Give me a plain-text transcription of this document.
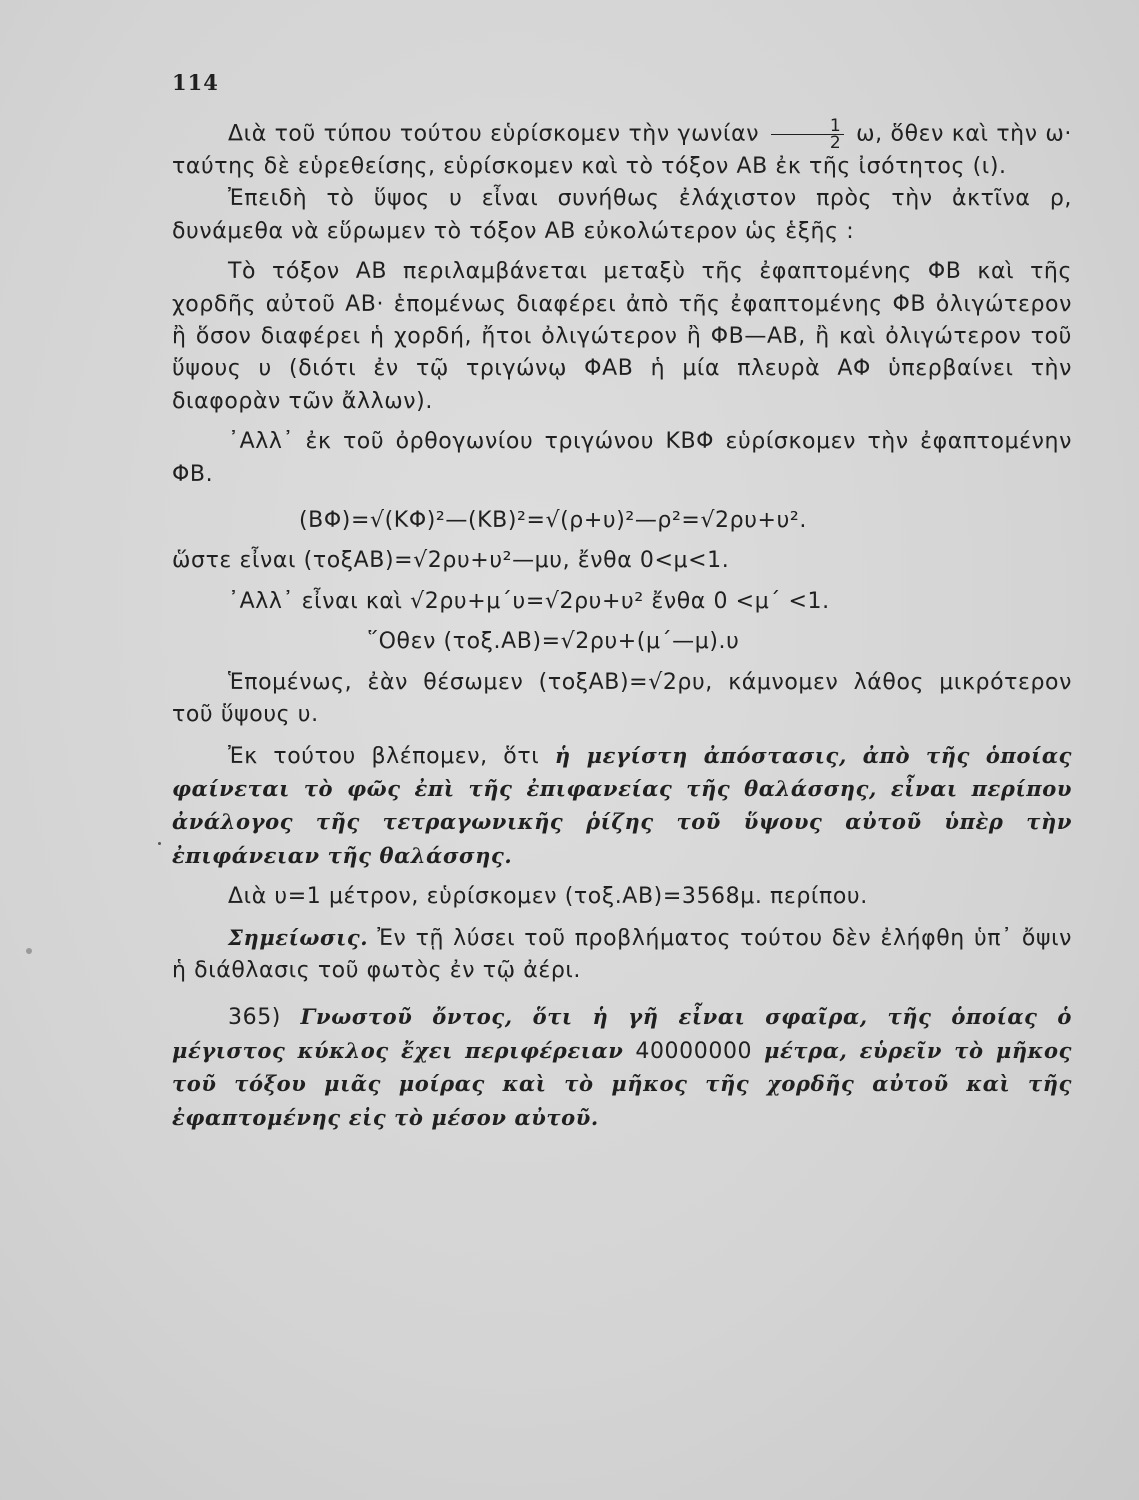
114

Διὰ τοῦ τύπου τούτου εὑρίσκομεν τὴν γωνίαν $\frac{1}{2} \omega$, ὅθεν καὶ τὴν ω· ταύτης δὲ εὑρεθείσης, εὑρίσκομεν καὶ τὸ τόξον ΑΒ ἐκ τῆς ἰσότητος (ι).

Ἐπειδὴ τὸ ὕψος υ εἶναι συνήθως ἐλάχιστον πρὸς τὴν ἀκτῖνα ρ, δυνάμεθα νὰ εὕρωμεν τὸ τόξον ΑΒ εὐκολώτερον ὡς ἑξῆς :

Τὸ τόξον ΑΒ περιλαμβάνεται μεταξὺ τῆς ἐφαπτομένης ΦΒ καὶ τῆς χορδῆς αὐτοῦ ΑΒ· ἑπομένως διαφέρει ἀπὸ τῆς ἐφαπτομένης ΦΒ ὀλιγώτερον ἢ ὅσον διαφέρει ἡ χορδή, ἤτοι ὀλιγώτερον ἢ ΦΒ—ΑΒ, ἢ καὶ ὀλιγώτερον τοῦ ὕψους υ (διότι ἐν τῷ τριγώνῳ ΦΑΒ ἡ μία πλευρὰ ΑΦ ὑπερβαίνει τὴν διαφορὰν τῶν ἄλλων).

᾿Αλλ᾿ ἐκ τοῦ ὀρθογωνίου τριγώνου ΚΒΦ εὑρίσκομεν τὴν ἐφαπτομένην ΦΒ.

(ΒΦ)=√(ΚΦ)²—(ΚΒ)²=√(ρ+υ)²—ρ²=√2ρυ+υ².

ὥστε εἶναι (τοξΑΒ)=√2ρυ+υ²—μυ, ἔνθα 0<μ<1.

᾿Αλλ᾿ εἶναι καὶ √2ρυ+μ΄υ=√2ρυ+υ² ἔνθα 0 <μ΄ <1.

῞Οθεν (τοξ.ΑΒ)=√2ρυ+(μ΄—μ).υ

Ἑπομένως, ἐὰν θέσωμεν (τοξΑΒ)=√2ρυ, κάμνομεν λάθος μικρότερον τοῦ ὕψους υ.

Ἐκ τούτου βλέπομεν, ὅτι ἡ μεγίστη ἀπόστασις, ἀπὸ τῆς ὁποίας φαίνεται τὸ φῶς ἐπὶ τῆς ἐπιφανείας τῆς θαλάσσης, εἶναι περίπου ἀνάλογος τῆς τετραγωνικῆς ῥίζης τοῦ ὕψους αὐτοῦ ὑπὲρ τὴν ἐπιφάνειαν τῆς θαλάσσης.

Διὰ υ=1 μέτρον, εὑρίσκομεν (τοξ.ΑΒ)=3568μ. περίπου.

Σημείωσις. Ἐν τῇ λύσει τοῦ προβλήματος τούτου δὲν ἐλήφθη ὑπ᾿ ὄψιν ἡ διάθλασις τοῦ φωτὸς ἐν τῷ ἀέρι.

365) Γνωστοῦ ὄντος, ὅτι ἡ γῆ εἶναι σφαῖρα, τῆς ὁποίας ὁ μέγιστος κύκλος ἔχει περιφέρειαν 40000000 μέτρα, εὑρεῖν τὸ μῆκος τοῦ τόξου μιᾶς μοίρας καὶ τὸ μῆκος τῆς χορδῆς αὐτοῦ καὶ τῆς ἐφαπτομένης εἰς τὸ μέσον αὐτοῦ.
